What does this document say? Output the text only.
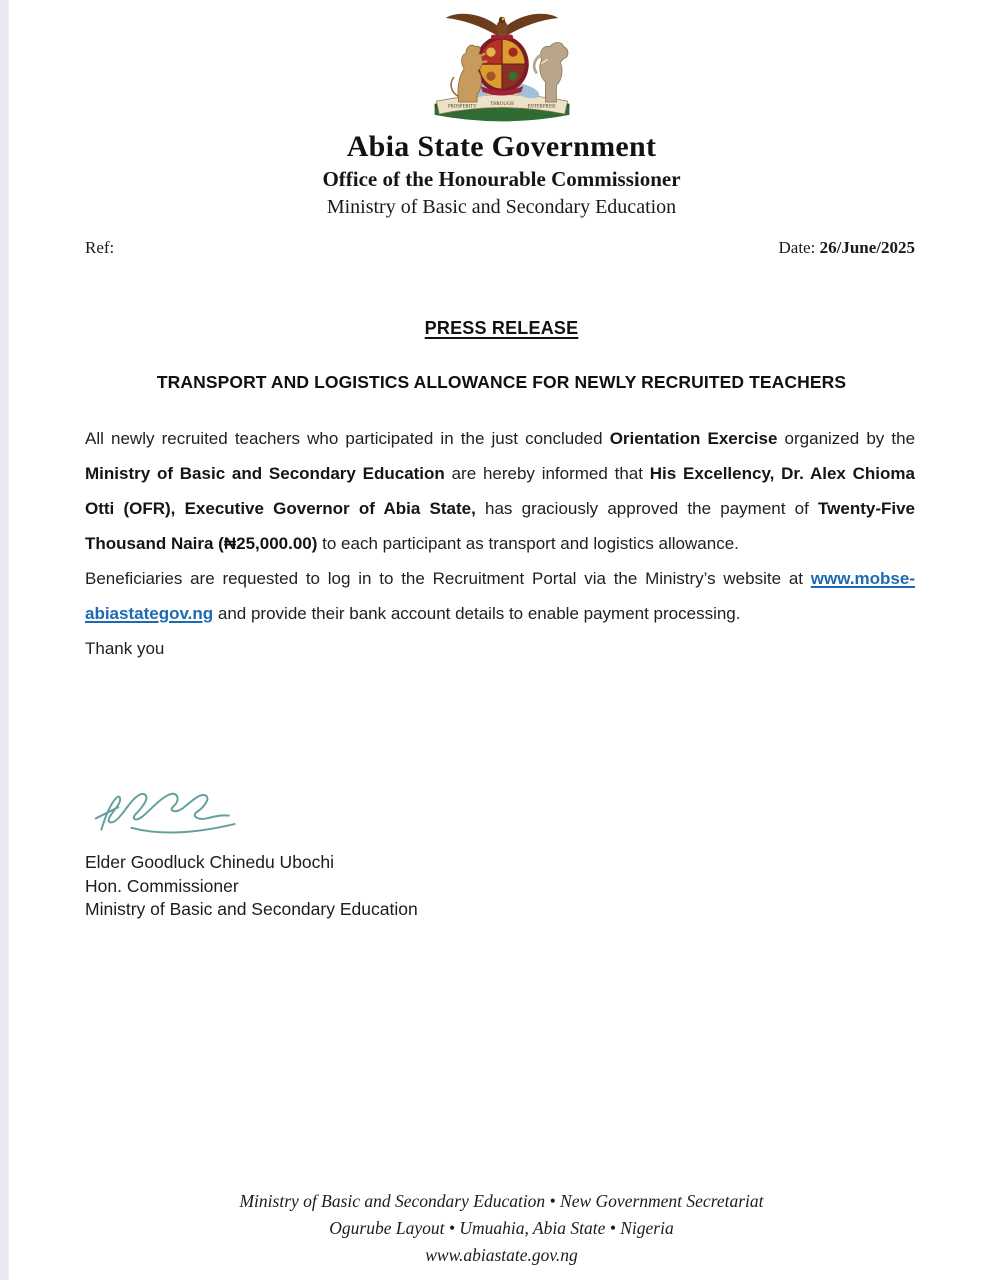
PROSPERITY
THROUGH
ENTERPRISE
Abia State Government
Office of the Honourable Commissioner
Ministry of Basic and Secondary Education
Ref:	Date: 26/June/2025
PRESS RELEASE
TRANSPORT AND LOGISTICS ALLOWANCE FOR NEWLY RECRUITED TEACHERS

All newly recruited teachers who participated in the just concluded Orientation Exercise organized by the Ministry of Basic and Secondary Education are hereby informed that His Excellency, Dr. Alex Chioma Otti (OFR), Executive Governor of Abia State, has graciously approved the payment of Twenty-Five Thousand Naira (₦25,000.00) to each participant as transport and logistics allowance.

Beneficiaries are requested to log in to the Recruitment Portal via the Ministry’s website at www.mobse-abiastategov.ng and provide their bank account details to enable payment processing.

Thank you

Elder Goodluck Chinedu Ubochi
Hon. Commissioner
Ministry of Basic and Secondary Education
Ministry of Basic and Secondary Education • New Government Secretariat
Ogurube Layout • Umuahia, Abia State • Nigeria
www.abiastate.gov.ng
